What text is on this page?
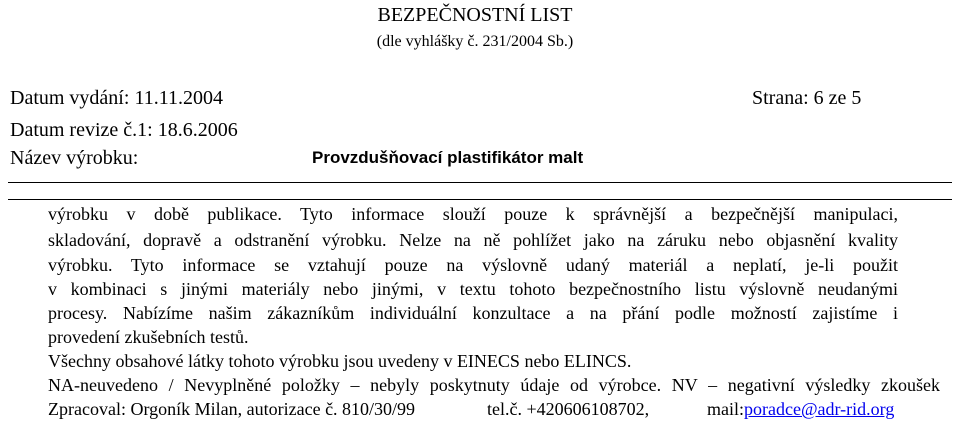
BEZPEČNOSTNÍ LIST
(dle vyhlášky č. 231/2004 Sb.)
Datum vydání: 11.11.2004	Strana: 6 ze 5
Datum revize č.1: 18.6.2006
Název výrobku:	Provzdušňovací plastifikátor malt
výrobku v době publikace. Tyto informace slouží pouze k správnější a bezpečnější manipulaci,
skladování, dopravě a odstranění výrobku. Nelze na ně pohlížet jako na záruku nebo objasnění kvality
výrobku. Tyto informace se vztahují pouze na výslovně udaný materiál a neplatí, je-li použit
v kombinaci s jinými materiály nebo jinými, v textu tohoto bezpečnostního listu výslovně neudanými
procesy. Nabízíme našim zákazníkům individuální konzultace a na přání podle možností zajistíme i
provedení zkušebních testů.
Všechny obsahové látky tohoto výrobku jsou uvedeny v EINECS nebo ELINCS.
NA-neuvedeno / Nevyplněné položky – nebyly poskytnuty údaje od výrobce. NV – negativní výsledky zkoušek
Zpracoval: Orgoník Milan, autorizace č. 810/30/99	tel.č. +420606108702,	mail:poradce@adr-rid.org
